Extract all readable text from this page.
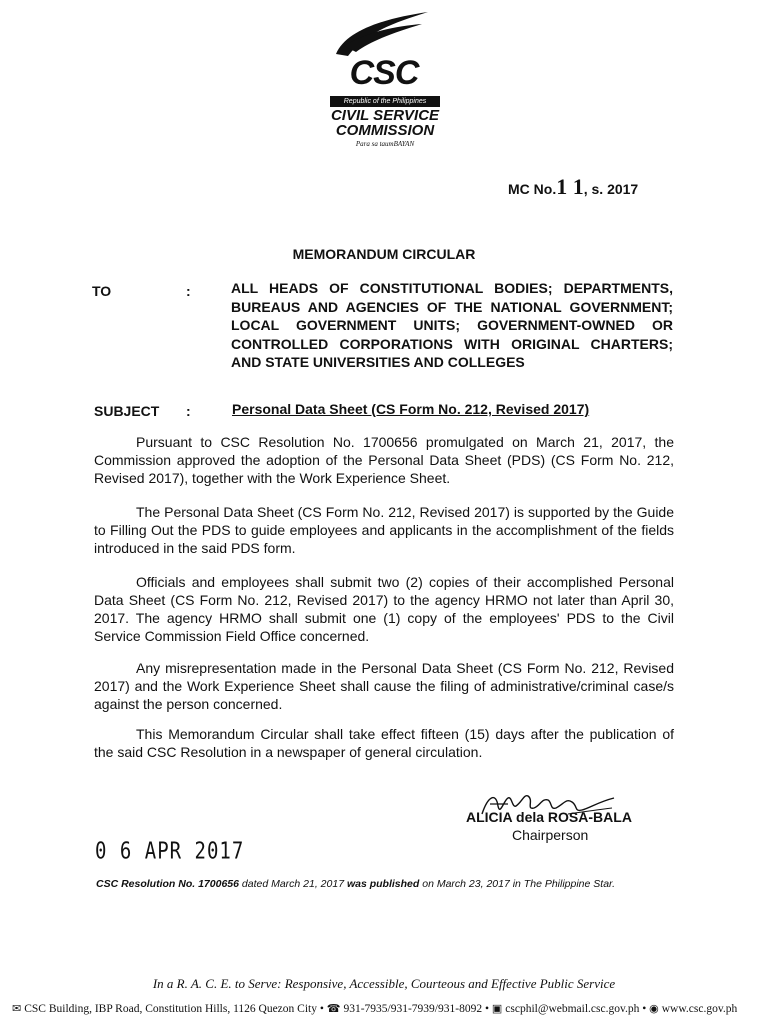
CSC
Republic of the Philippines
CIVIL SERVICE
COMMISSION
Para sa taumBAYAN
MC No.1 1, s. 2017
MEMORANDUM CIRCULAR
TO	:	ALL HEADS OF CONSTITUTIONAL BODIES; DEPARTMENTS, BUREAUS AND AGENCIES OF THE NATIONAL GOVERNMENT; LOCAL GOVERNMENT UNITS; GOVERNMENT-OWNED OR CONTROLLED CORPORATIONS WITH ORIGINAL CHARTERS; AND STATE UNIVERSITIES AND COLLEGES
SUBJECT :	Personal Data Sheet (CS Form No. 212, Revised 2017)
   Pursuant to CSC Resolution No. 1700656 promulgated on March 21, 2017, the Commission approved the adoption of the Personal Data Sheet (PDS) (CS Form No. 212, Revised 2017), together with the Work Experience Sheet.
   The Personal Data Sheet (CS Form No. 212, Revised 2017) is supported by the Guide to Filling Out the PDS to guide employees and applicants in the accomplishment of the fields introduced in the said PDS form.
   Officials and employees shall submit two (2) copies of their accomplished Personal Data Sheet (CS Form No. 212, Revised 2017) to the agency HRMO not later than April 30, 2017. The agency HRMO shall submit one (1) copy of the employees' PDS to the Civil Service Commission Field Office concerned.
   Any misrepresentation made in the Personal Data Sheet (CS Form No. 212, Revised 2017) and the Work Experience Sheet shall cause the filing of administrative/criminal case/s against the person concerned.
   This Memorandum Circular shall take effect fifteen (15) days after the publication of the said CSC Resolution in a newspaper of general circulation.
ALICIA dela ROSA-BALA
Chairperson
0 6 APR 2017
CSC Resolution No. 1700656 dated March 21, 2017 was published on March 23, 2017 in The Philippine Star.
In a R. A. C. E. to Serve: Responsive, Accessible, Courteous and Effective Public Service
✉ CSC Building, IBP Road, Constitution Hills, 1126 Quezon City • ☎ 931-7935/931-7939/931-8092 • ▣ cscphil@webmail.csc.gov.ph • ◉ www.csc.gov.ph
